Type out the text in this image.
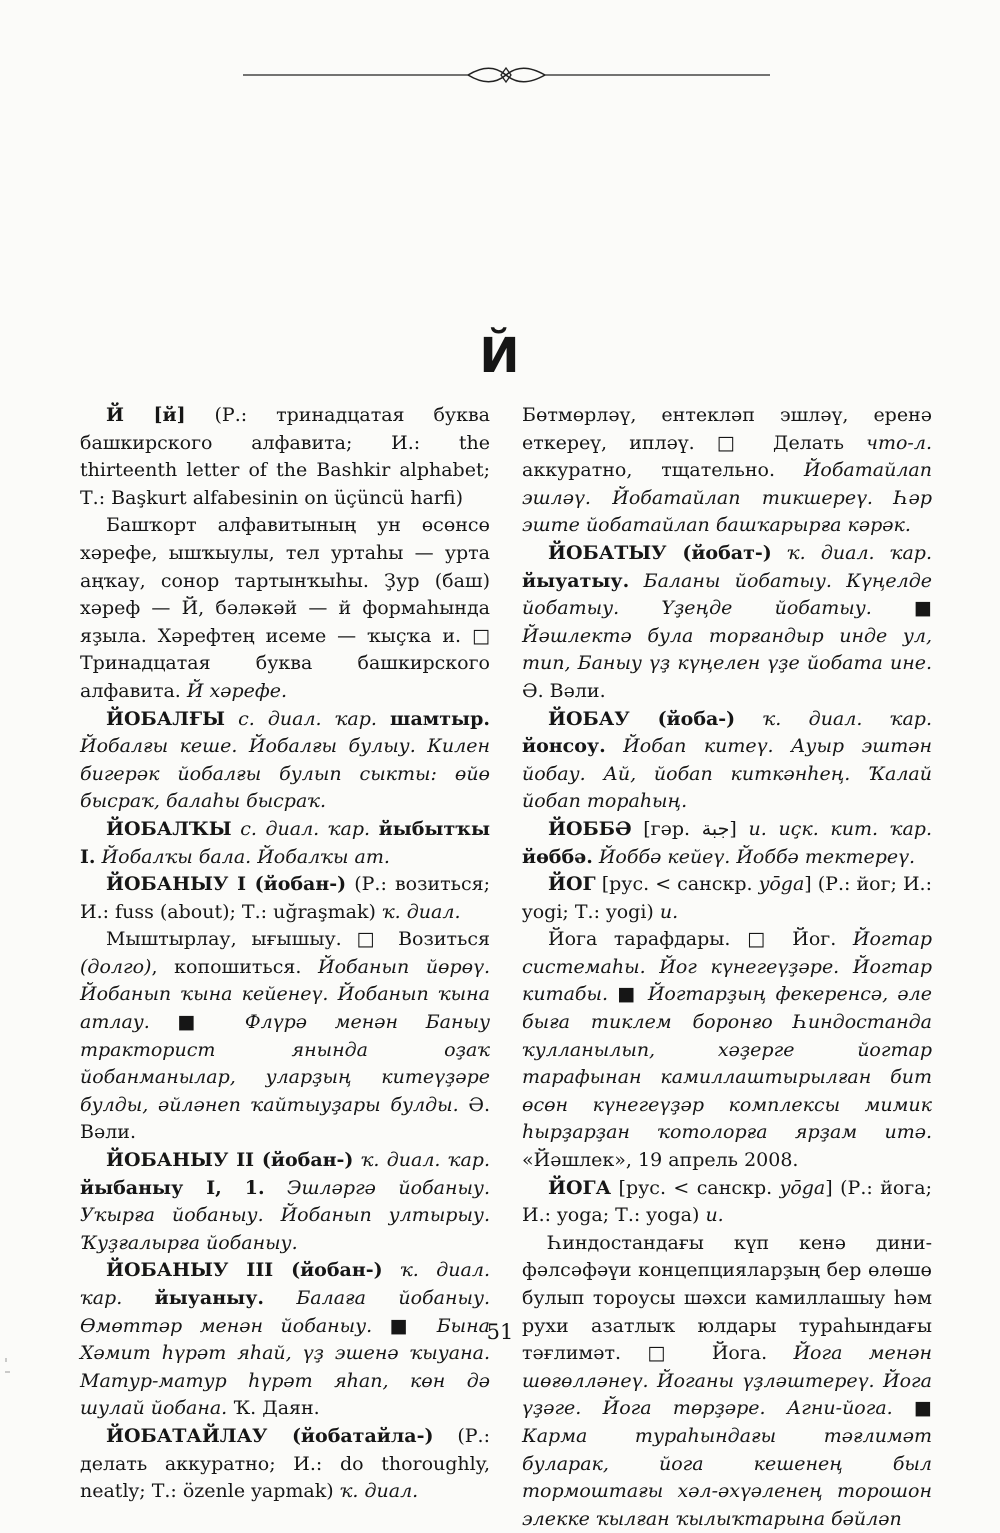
Й

Й [й] (Р.: тринадцатая буква башкирского алфавита; И.: the thirteenth letter of the Bashkir alphabet; Т.: Başkurt alfabesinin on üçüncü harfi)

Башҡорт алфавитының ун өсөнсө хәрефе, ышҡыулы, тел уртаһы — урта аңҡау, сонор тартынҡыһы. Ҙур (баш) хәреф — Й, бәләкәй — й формаһында яҙыла. Хәрефтең исеме — ҡыҫҡа и. □ Тринадцатая буква башкирского алфавита. Й хәрефе.

ЙОБАЛҒЫ с. диал. ҡар. шамтыр. Йобалғы кеше. Йобалғы булыу. Килен бигерәк йобалғы булып сыкты: өйө бысраҡ, балаһы бысраҡ.

ЙОБАЛҠЫ с. диал. ҡар. йыбытҡы I. Йобалҡы бала. Йобалҡы ат.

ЙОБАНЫУ I (йобан-) (Р.: возиться; И.: fuss (about); Т.: uğraşmak) ҡ. диал.

Мыштырлау, ығышыу. □ Возиться (долго), копошиться. Йобанып йөрөү. Йобанып ҡына кейенеү. Йобанып ҡына атлау. ■ Флүрә менән Баныу тракторист янында оҙаҡ йобанманылар, уларҙың китеүҙәре булды, әйләнеп ҡайтыуҙары булды. Ә. Вәли.

ЙОБАНЫУ II (йобан-) ҡ. диал. ҡар. йыбаныу I, 1. Эшләргә йобаныу. Уҡырға йобаныу. Йобанып ултырыу. Ҡуҙғалырға йобаныу.

ЙОБАНЫУ III (йобан-) ҡ. диал. ҡар. йыуаныу. Балаға йобаныу. Өмөттәр менән йобаныу. ■ Бына Хәмит һүрәт яһай, үҙ эшенә ҡыуана. Матур-матур һүрәт яһап, көн дә шулай йобана. Ҡ. Даян.

ЙОБАТАЙЛАУ (йобатайла-) (Р.: делать аккуратно; И.: do thoroughly, neatly; Т.: özenle yapmak) ҡ. диал.

Бөтмөрләү, ентекләп эшләү, еренә еткереү, ипләү. □ Делать что-л. аккуратно, тщательно. Йобатайлап эшләү. Йобатайлап тикшереү. Һәр эште йобатайлап башҡарырға кәрәк.

ЙОБАТЫУ (йобат-) ҡ. диал. ҡар. йыуатыу. Баланы йобатыу. Күңелде йобатыу. Үҙеңде йобатыу. ■ Йәшлектә була торғандыр инде ул, тип, Баныу үҙ күңелен үҙе йобата ине. Ә. Вәли.

ЙОБАУ (йоба-) ҡ. диал. ҡар. йонсоу. Йобап китеү. Ауыр эштән йобау. Ай, йобап киткәнһең. Ҡалай йобап тораһың.

ЙОББӘ [гәр. جبة] и. иҫк. кит. ҡар. йөббә. Йоббә кейеү. Йоббә тектереү.

ЙОГ [рус. < санскр. yōga] (Р.: йог; И.: yogi; Т.: yogi) и.

Йога тарафдары. □ Йог. Йогтар системаһы. Йог күнегеүҙәре. Йогтар китабы. ■ Йогтарҙың фекеренсә, әле быға тиклем боронғо Һиндостанда ҡулланылып, хәҙерге йогтар тарафынан камиллаштырылған бит өсөн күнегеүҙәр комплексы мимик һырҙарҙан ҡотолорға ярҙам итә. «Йәшлек», 19 апрель 2008.

ЙОГА [рус. < санскр. yōga] (Р.: йога; И.: yoga; Т.: yoga) и.

Һиндостандағы күп кенә дини-фәлсәфәүи концепцияларҙың бер өлөшө булып тороусы шәхси камиллашыу һәм рухи азатлыҡ юлдары тураһындағы тәғлимәт. □ Йога. Йога менән шөғөлләнеү. Йоганы үҙләштереү. Йога үҙәге. Йога төрҙәре. Агни-йога. ■ Карма тураһындағы тәғлимәт буларак, йога кешенең был тормоштағы хәл-әхүәленең торошон элекке ҡылған ҡылыҡтарына бәйләп

51
